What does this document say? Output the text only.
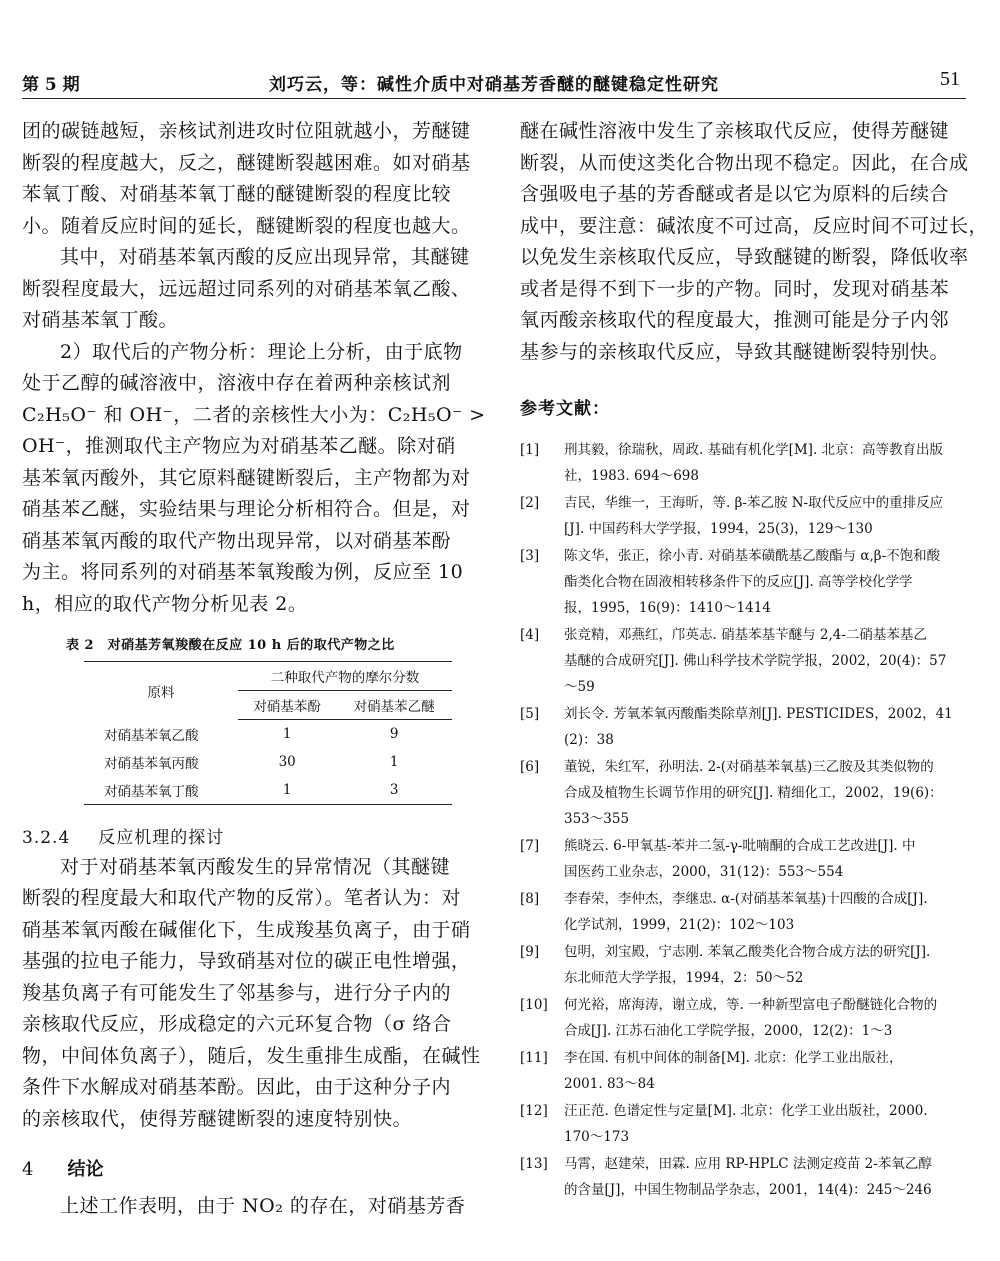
第 5 期	刘巧云，等：碱性介质中对硝基芳香醚的醚键稳定性研究	51
团的碳链越短，亲核试剂进攻时位阻就越小，芳醚键
断裂的程度越大，反之，醚键断裂越困难。如对硝基
苯氧丁酸、对硝基苯氧丁醚的醚键断裂的程度比较
小。随着反应时间的延长，醚键断裂的程度也越大。
其中，对硝基苯氧丙酸的反应出现异常，其醚键
断裂程度最大，远远超过同系列的对硝基苯氧乙酸、
对硝基苯氧丁酸。
2）取代后的产物分析：理论上分析，由于底物
处于乙醇的碱溶液中，溶液中存在着两种亲核试剂
C₂H₅O⁻ 和 OH⁻，二者的亲核性大小为：C₂H₅O⁻ >
OH⁻，推测取代主产物应为对硝基苯乙醚。除对硝
基苯氧丙酸外，其它原料醚键断裂后，主产物都为对
硝基苯乙醚，实验结果与理论分析相符合。但是，对
硝基苯氧丙酸的取代产物出现异常，以对硝基苯酚
为主。将同系列的对硝基苯氧羧酸为例，反应至 10
h，相应的取代产物分析见表 2。
表 2　对硝基芳氧羧酸在反应 10 h 后的取代产物之比
原料	二种取代产物的摩尔分数	
	对硝基苯酚	对硝基苯乙醚
对硝基苯氧乙酸	1	9
对硝基苯氧丙酸	30	1
对硝基苯氧丁酸	1	3
3.2.4 反应机理的探讨
对于对硝基苯氧丙酸发生的异常情况（其醚键
断裂的程度最大和取代产物的反常）。笔者认为：对
硝基苯氧丙酸在碱催化下，生成羧基负离子，由于硝
基强的拉电子能力，导致硝基对位的碳正电性增强，
羧基负离子有可能发生了邻基参与，进行分子内的
亲核取代反应，形成稳定的六元环复合物（σ 络合
物，中间体负离子），随后，发生重排生成酯，在碱性
条件下水解成对硝基苯酚。因此，由于这种分子内
的亲核取代，使得芳醚键断裂的速度特别快。
4 结论
上述工作表明，由于 NO₂ 的存在，对硝基芳香
醚在碱性溶液中发生了亲核取代反应，使得芳醚键
断裂，从而使这类化合物出现不稳定。因此，在合成
含强吸电子基的芳香醚或者是以它为原料的后续合
成中，要注意：碱浓度不可过高，反应时间不可过长，
以免发生亲核取代反应，导致醚键的断裂，降低收率
或者是得不到下一步的产物。同时，发现对硝基苯
氧丙酸亲核取代的程度最大，推测可能是分子内邻
基参与的亲核取代反应，导致其醚键断裂特别快。
参考文献：
[1] 刑其毅，徐瑞秋，周政. 基础有机化学[M]. 北京：高等教育出版
社，1983. 694～698
[2] 吉民，华维一，王海昕，等. β-苯乙胺 N-取代反应中的重排反应
[J]. 中国药科大学学报，1994，25(3)，129～130
[3] 陈文华，张正，徐小青. 对硝基苯磺酰基乙酸酯与 α,β-不饱和酸
酯类化合物在固液相转移条件下的反应[J]. 高等学校化学学
报，1995，16(9)：1410～1414
[4] 张竞精，邓燕红，邝英志. 硝基苯基苄醚与 2,4-二硝基苯基乙
基醚的合成研究[J]. 佛山科学技术学院学报，2002，20(4)：57
～59
[5] 刘长令. 芳氧苯氧丙酸酯类除草剂[J]. PESTICIDES，2002，41
(2)：38
[6] 董锐，朱红军，孙明法. 2-(对硝基苯氧基)三乙胺及其类似物的
合成及植物生长调节作用的研究[J]. 精细化工，2002，19(6)：
353～355
[7] 熊晓云. 6-甲氧基-苯并二氢-γ-吡喃酮的合成工艺改进[J]. 中
国医药工业杂志，2000，31(12)：553～554
[8] 李春荣，李仲杰，李继忠. α-(对硝基苯氧基)十四酸的合成[J].
化学试剂，1999，21(2)：102～103
[9] 包明，刘宝殿，宁志刚. 苯氧乙酸类化合物合成方法的研究[J].
东北师范大学学报，1994，2：50～52
[10] 何光裕，席海涛，谢立成，等. 一种新型富电子酚醚链化合物的
合成[J]. 江苏石油化工学院学报，2000，12(2)：1～3
[11] 李在国. 有机中间体的制备[M]. 北京：化学工业出版社，
2001. 83～84
[12] 汪正范. 色谱定性与定量[M]. 北京：化学工业出版社，2000.
170～173
[13] 马霄，赵建荣，田霖. 应用 RP-HPLC 法测定疫苗 2-苯氧乙醇
的含量[J]，中国生物制品学杂志，2001，14(4)：245～246
